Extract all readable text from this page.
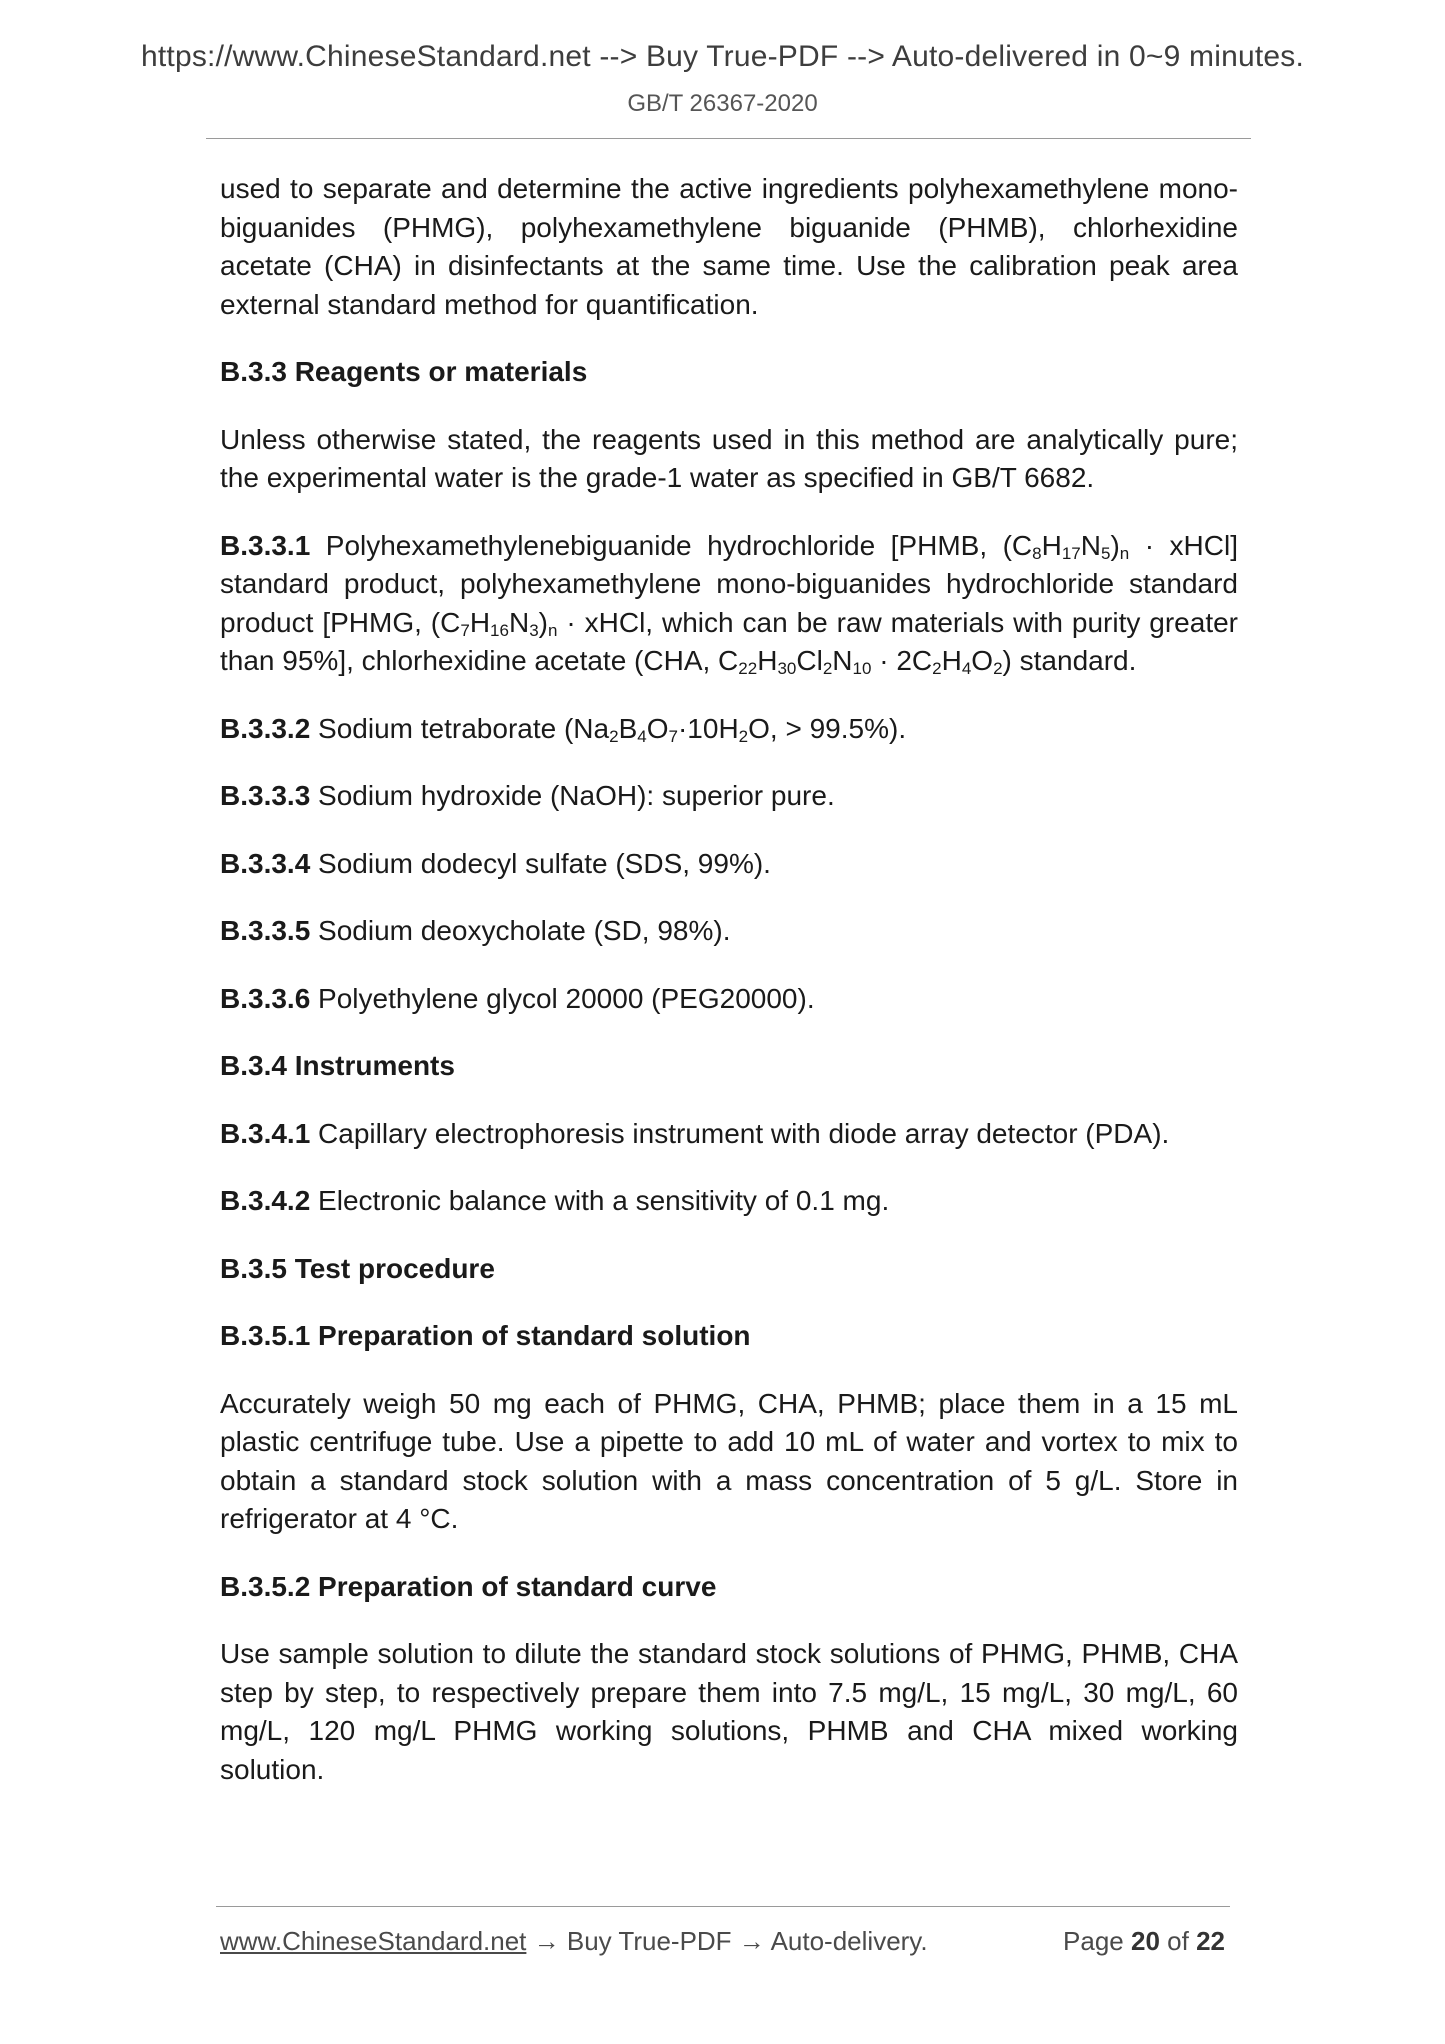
https://www.ChineseStandard.net --> Buy True-PDF --> Auto-delivered in 0~9 minutes.
GB/T 26367-2020

used to separate and determine the active ingredients polyhexamethylene mono-biguanides (PHMG), polyhexamethylene biguanide (PHMB), chlorhexidine acetate (CHA) in disinfectants at the same time. Use the calibration peak area external standard method for quantification.

B.3.3 Reagents or materials

Unless otherwise stated, the reagents used in this method are analytically pure; the experimental water is the grade-1 water as specified in GB/T 6682.

B.3.3.1 Polyhexamethylenebiguanide hydrochloride [PHMB, $(C_8H_{17}N_5)_n$ · xHCl] standard product, polyhexamethylene mono-biguanides hydrochloride standard product [PHMG, $(C_7H_{16}N_3)_n$ · xHCl, which can be raw materials with purity greater than 95%], chlorhexidine acetate (CHA, $C_{22}H_{30}Cl_2N_{10} \cdot 2C_2H_4O_2$) standard.

B.3.3.2 Sodium tetraborate ($Na_2B_4O_7\cdot 10H_2O$, > 99.5%).

B.3.3.3 Sodium hydroxide (NaOH): superior pure.

B.3.3.4 Sodium dodecyl sulfate (SDS, 99%).

B.3.3.5 Sodium deoxycholate (SD, 98%).

B.3.3.6 Polyethylene glycol 20000 (PEG20000).

B.3.4 Instruments

B.3.4.1 Capillary electrophoresis instrument with diode array detector (PDA).

B.3.4.2 Electronic balance with a sensitivity of 0.1 mg.

B.3.5 Test procedure
B.3.5.1 Preparation of standard solution

Accurately weigh 50 mg each of PHMG, CHA, PHMB; place them in a 15 mL plastic centrifuge tube. Use a pipette to add 10 mL of water and vortex to mix to obtain a standard stock solution with a mass concentration of 5 g/L. Store in refrigerator at 4 °C.

B.3.5.2 Preparation of standard curve

Use sample solution to dilute the standard stock solutions of PHMG, PHMB, CHA step by step, to respectively prepare them into 7.5 mg/L, 15 mg/L, 30 mg/L, 60 mg/L, 120 mg/L PHMG working solutions, PHMB and CHA mixed working solution.

www.ChineseStandard.net → Buy True-PDF → Auto-delivery.	Page 20 of 22
